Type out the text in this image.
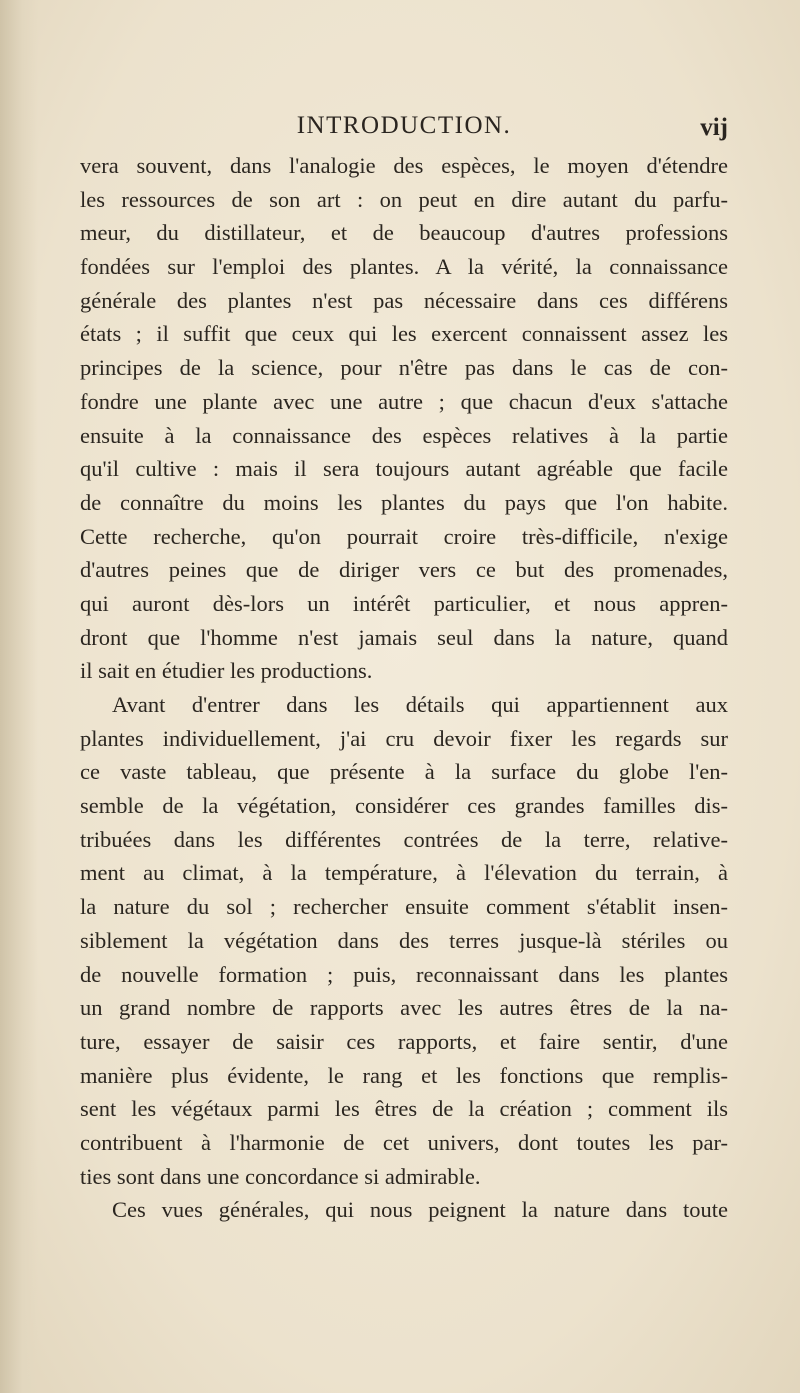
INTRODUCTION.	vij
vera souvent, dans l'analogie des espèces, le moyen d'étendre
les ressources de son art : on peut en dire autant du parfu-
meur, du distillateur, et de beaucoup d'autres professions
fondées sur l'emploi des plantes. A la vérité, la connaissance
générale des plantes n'est pas nécessaire dans ces différens
états ; il suffit que ceux qui les exercent connaissent assez les
principes de la science, pour n'être pas dans le cas de con-
fondre une plante avec une autre ; que chacun d'eux s'attache
ensuite à la connaissance des espèces relatives à la partie
qu'il cultive : mais il sera toujours autant agréable que facile
de connaître du moins les plantes du pays que l'on habite.
Cette recherche, qu'on pourrait croire très-difficile, n'exige
d'autres peines que de diriger vers ce but des promenades,
qui auront dès-lors un intérêt particulier, et nous appren-
dront que l'homme n'est jamais seul dans la nature, quand
il sait en étudier les productions.
Avant d'entrer dans les détails qui appartiennent aux
plantes individuellement, j'ai cru devoir fixer les regards sur
ce vaste tableau, que présente à la surface du globe l'en-
semble de la végétation, considérer ces grandes familles dis-
tribuées dans les différentes contrées de la terre, relative-
ment au climat, à la température, à l'élevation du terrain, à
la nature du sol ; rechercher ensuite comment s'établit insen-
siblement la végétation dans des terres jusque-là stériles ou
de nouvelle formation ; puis, reconnaissant dans les plantes
un grand nombre de rapports avec les autres êtres de la na-
ture, essayer de saisir ces rapports, et faire sentir, d'une
manière plus évidente, le rang et les fonctions que remplis-
sent les végétaux parmi les êtres de la création ; comment ils
contribuent à l'harmonie de cet univers, dont toutes les par-
ties sont dans une concordance si admirable.
Ces vues générales, qui nous peignent la nature dans toute
